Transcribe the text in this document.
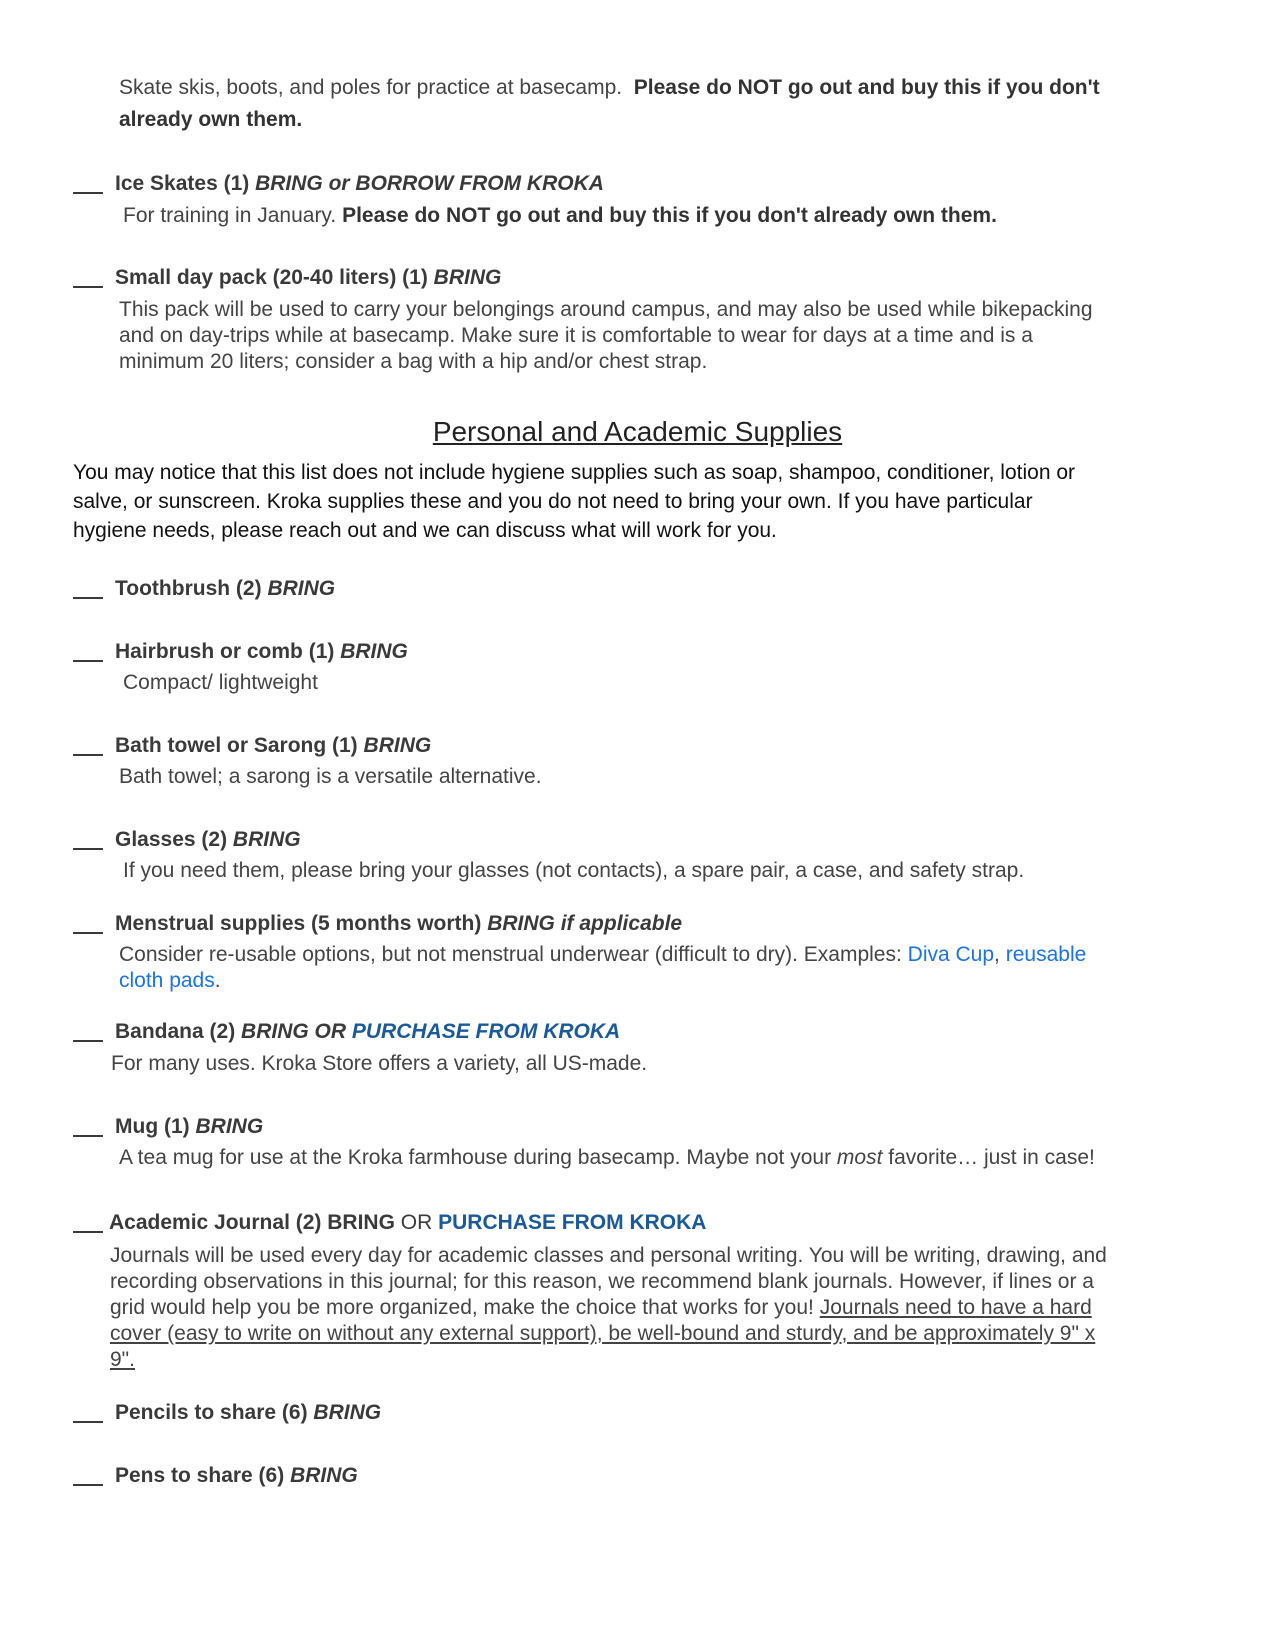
Skate skis, boots, and poles for practice at basecamp. Please do NOT go out and buy this if you don't
already own them.
Ice Skates (1) BRING or BORROW FROM KROKA
For training in January. Please do NOT go out and buy this if you don't already own them.
Small day pack (20-40 liters) (1) BRING
This pack will be used to carry your belongings around campus, and may also be used while bikepacking
and on day-trips while at basecamp. Make sure it is comfortable to wear for days at a time and is a
minimum 20 liters; consider a bag with a hip and/or chest strap.
Personal and Academic Supplies
You may notice that this list does not include hygiene supplies such as soap, shampoo, conditioner, lotion or
salve, or sunscreen. Kroka supplies these and you do not need to bring your own. If you have particular
hygiene needs, please reach out and we can discuss what will work for you.
Toothbrush (2) BRING
Hairbrush or comb (1) BRING
Compact/ lightweight
Bath towel or Sarong (1) BRING
Bath towel; a sarong is a versatile alternative.
Glasses (2) BRING
If you need them, please bring your glasses (not contacts), a spare pair, a case, and safety strap.
Menstrual supplies (5 months worth) BRING if applicable
Consider re-usable options, but not menstrual underwear (difficult to dry). Examples: Diva Cup, reusable
cloth pads.
Bandana (2) BRING OR PURCHASE FROM KROKA
For many uses. Kroka Store offers a variety, all US-made.
Mug (1) BRING
A tea mug for use at the Kroka farmhouse during basecamp. Maybe not your most favorite… just in case!
Academic Journal (2) BRING OR PURCHASE FROM KROKA
Journals will be used every day for academic classes and personal writing. You will be writing, drawing, and
recording observations in this journal; for this reason, we recommend blank journals. However, if lines or a
grid would help you be more organized, make the choice that works for you! Journals need to have a hard
cover (easy to write on without any external support), be well-bound and sturdy, and be approximately 9" x
9".
Pencils to share (6) BRING
Pens to share (6) BRING
